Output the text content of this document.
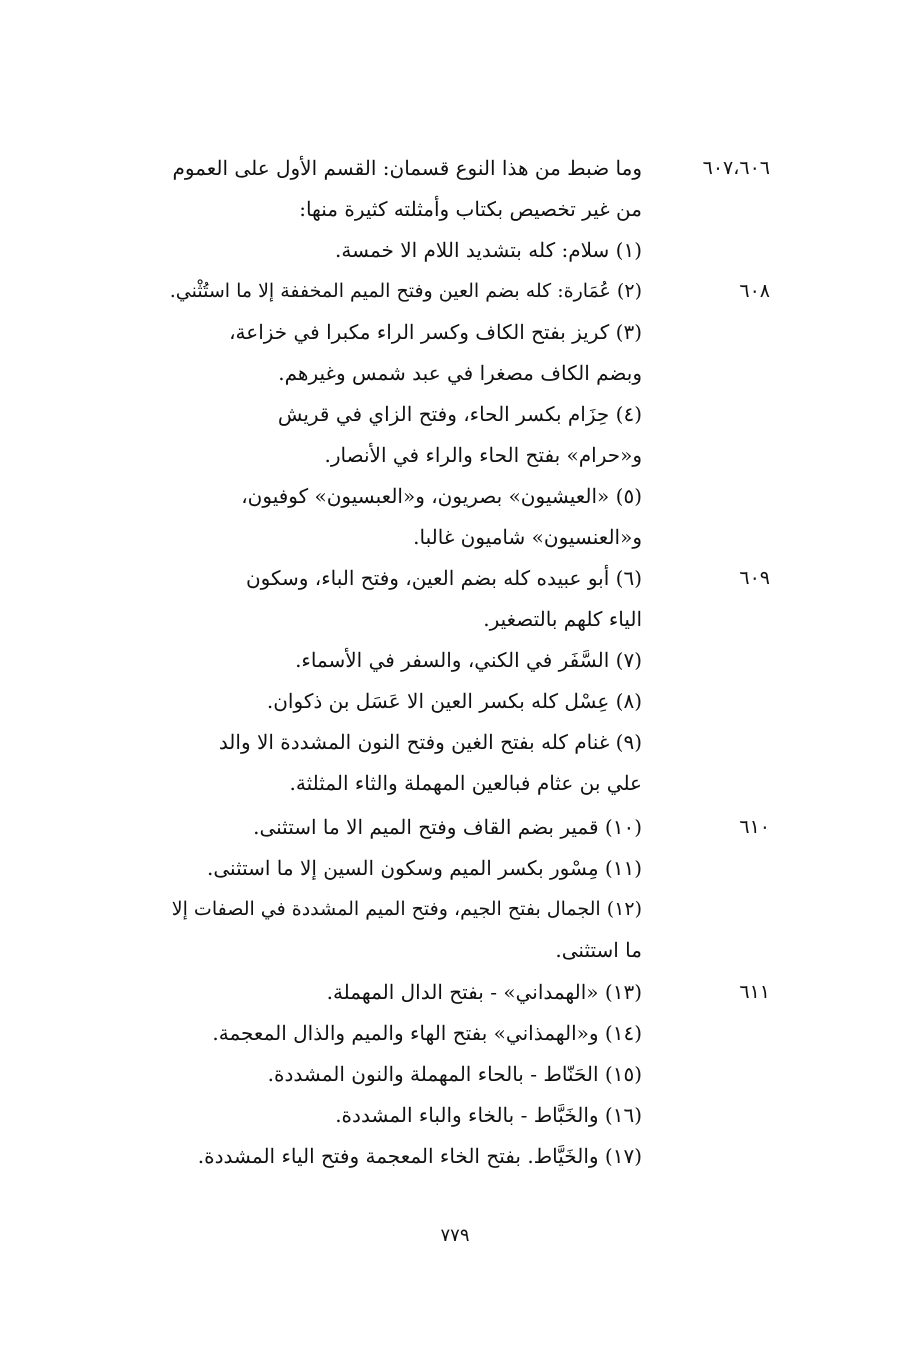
٦٠٧،٦٠٦
٦٠٨
٦٠٩
٦١٠
٦١١
وما ضبط من هذا النوع قسمان: القسم الأول على العموم
من غير تخصيص بكتاب وأمثلته كثيرة منها:
(١) سلام: كله بتشديد اللام الا خمسة.
(٢) عُمَارة: كله بضم العين وفتح الميم المخففة إلا ما استُثْني.
(٣) كريز بفتح الكاف وكسر الراء مكبرا في خزاعة،
وبضم الكاف مصغرا في عبد شمس وغيرهم.
(٤) حِزَام بكسر الحاء، وفتح الزاي في قريش
و«حرام» بفتح الحاء والراء في الأنصار.
(٥) «العيشيون» بصريون، و«العبسيون» كوفيون،
و«العنسيون» شاميون غالبا.
(٦) أبو عبيده كله بضم العين، وفتح الباء، وسكون
الياء كلهم بالتصغير.
(٧) السَّفَر في الكني، والسفر في الأسماء.
(٨) عِسْل كله بكسر العين الا عَسَل بن ذكوان.
(٩) غنام كله بفتح الغين وفتح النون المشددة الا والد
علي بن عثام فبالعين المهملة والثاء المثلثة.
(١٠) قمير بضم القاف وفتح الميم الا ما استثنى.
(١١) مِسْور بكسر الميم وسكون السين إلا ما استثنى.
(١٢) الجمال بفتح الجيم، وفتح الميم المشددة في الصفات إلا
ما استثنى.
(١٣) «الهمداني» - بفتح الدال المهملة.
(١٤) و«الهمذاني» بفتح الهاء والميم والذال المعجمة.
(١٥) الحَنّاط - بالحاء المهملة والنون المشددة.
(١٦) والخَبَّاط - بالخاء والباء المشددة.
(١٧) والخَيَّاط. بفتح الخاء المعجمة وفتح الياء المشددة.
٧٧٩
